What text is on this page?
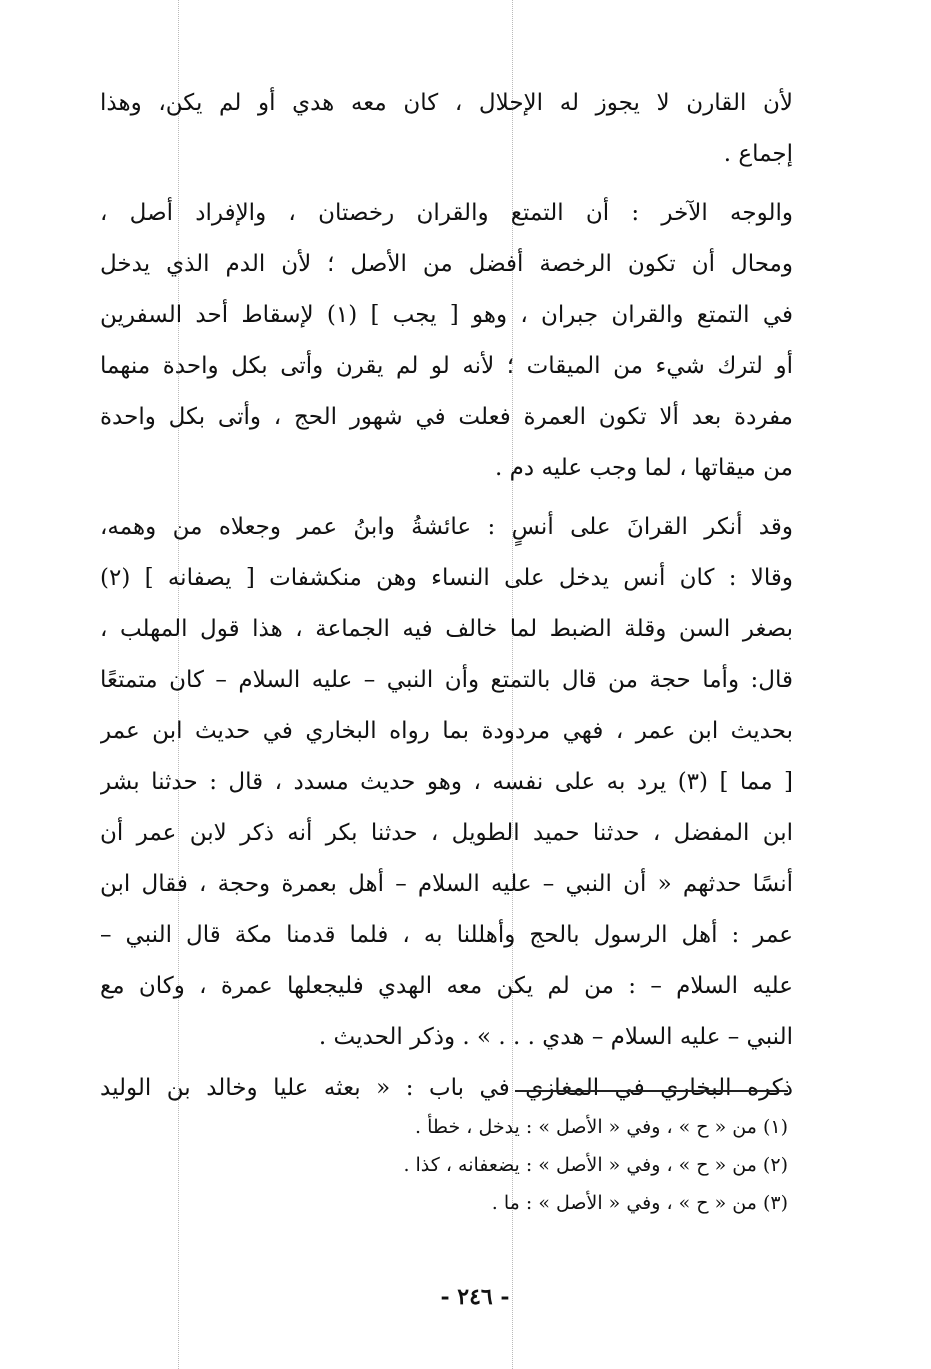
لأن القارن لا يجوز له الإحلال ، كان معه هدي أو لم يكن، وهذا
إجماع .
والوجه الآخر : أن التمتع والقران رخصتان ، والإفراد أصل ،
ومحال أن تكون الرخصة أفضل من الأصل ؛ لأن الدم الذي يدخل
في التمتع والقران جبران ، وهو [ يجب ] (١) لإسقاط أحد السفرين
أو لترك شيء من الميقات ؛ لأنه لو لم يقرن وأتى بكل واحدة منهما
مفردة بعد ألا تكون العمرة فعلت في شهور الحج ، وأتى بكل واحدة
من ميقاتها ، لما وجب عليه دم .
وقد أنكر القرانَ على أنسٍ : عائشةُ وابنُ عمر وجعلاه من وهمه،
وقالا : كان أنس يدخل على النساء وهن منكشفات [ يصفانه ] (٢)
بصغر السن وقلة الضبط لما خالف فيه الجماعة ، هذا قول المهلب ،
قال: وأما حجة من قال بالتمتع وأن النبي – عليه السلام – كان متمتعًا
بحديث ابن عمر ، فهي مردودة بما رواه البخاري في حديث ابن عمر
[ مما ] (٣) يرد به على نفسه ، وهو حديث مسدد ، قال : حدثنا بشر
ابن المفضل ، حدثنا حميد الطويل ، حدثنا بكر أنه ذكر لابن عمر أن
أنسًا حدثهم « أن النبي – عليه السلام – أهل بعمرة وحجة ، فقال ابن
عمر : أهل الرسول بالحج وأهللنا به ، فلما قدمنا مكة قال النبي –
عليه السلام – : من لم يكن معه الهدي فليجعلها عمرة ، وكان مع
النبي – عليه السلام – هدي . . . » . وذكر الحديث .
ذكره البخاري في المغازي في باب : « بعثه عليا وخالد بن الوليد
(١) من « ح » ، وفي « الأصل » : يدخل ، خطأ .
(٢) من « ح » ، وفي « الأصل » : يضعفانه ، كذا .
(٣) من « ح » ، وفي « الأصل » : ما .
- ٢٤٦ -
